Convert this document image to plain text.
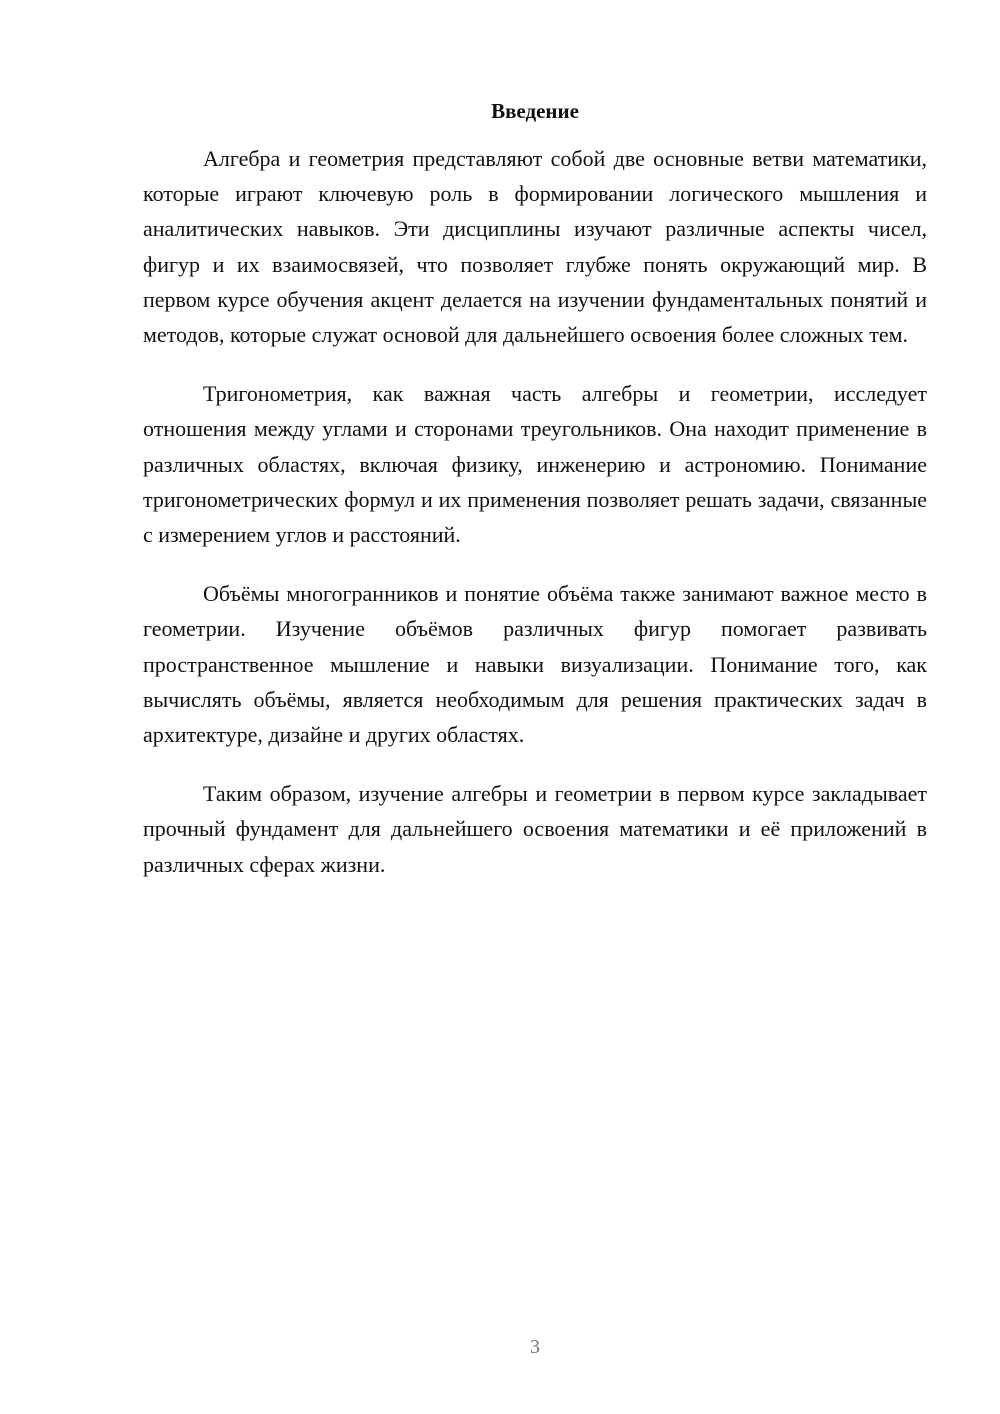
Введение

Алгебра и геометрия представляют собой две основные ветви математики, которые играют ключевую роль в формировании логического мышления и аналитических навыков. Эти дисциплины изучают различные аспекты чисел, фигур и их взаимосвязей, что позволяет глубже понять окружающий мир. В первом курсе обучения акцент делается на изучении фундаментальных понятий и методов, которые служат основой для дальнейшего освоения более сложных тем.

Тригонометрия, как важная часть алгебры и геометрии, исследует отношения между углами и сторонами треугольников. Она находит применение в различных областях, включая физику, инженерию и астрономию. Понимание тригонометрических формул и их применения позволяет решать задачи, связанные с измерением углов и расстояний.

Объёмы многогранников и понятие объёма также занимают важное место в геометрии. Изучение объёмов различных фигур помогает развивать пространственное мышление и навыки визуализации. Понимание того, как вычислять объёмы, является необходимым для решения практических задач в архитектуре, дизайне и других областях.

Таким образом, изучение алгебры и геометрии в первом курсе закладывает прочный фундамент для дальнейшего освоения математики и её приложений в различных сферах жизни.

3
